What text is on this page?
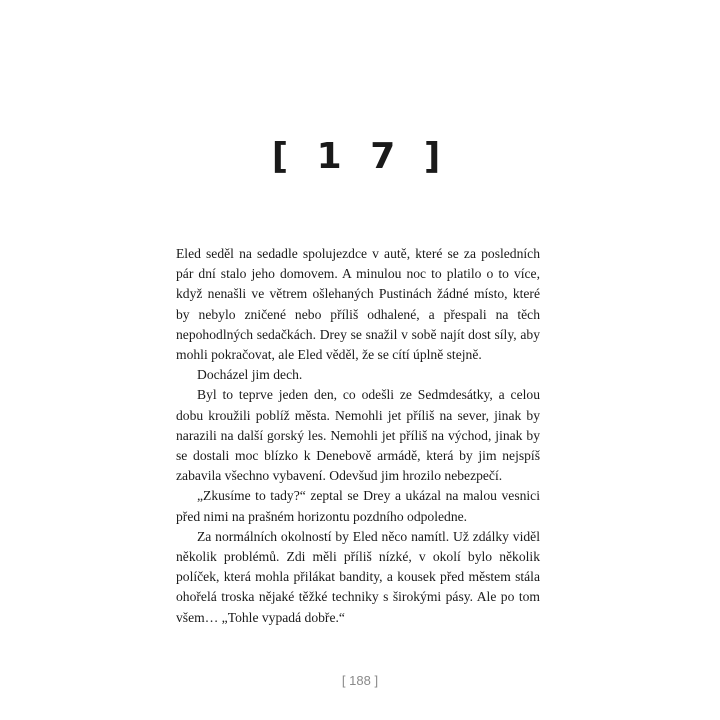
[ 1 7 ]

Eled seděl na sedadle spolujezdce v autě, které se za posledních pár dní stalo jeho domovem. A minulou noc to platilo o to více, když nenašli ve větrem ošlehaných Pustinách žádné místo, které by nebylo zničené nebo příliš odhalené, a přespali na těch nepohodlných sedačkách. Drey se snažil v sobě najít dost síly, aby mohli pokračovat, ale Eled věděl, že se cítí úplně stejně.

Docházel jim dech.

Byl to teprve jeden den, co odešli ze Sedmdesátky, a celou dobu kroužili poblíž města. Nemohli jet příliš na sever, jinak by narazili na další gorský les. Nemohli jet příliš na východ, jinak by se dostali moc blízko k Denebově armádě, která by jim nejspíš zabavila všechno vybavení. Odevšud jim hrozilo nebezpečí.

„Zkusíme to tady?“ zeptal se Drey a ukázal na malou vesnici před nimi na prašném horizontu pozdního odpoledne.

Za normálních okolností by Eled něco namítl. Už zdálky viděl několik problémů. Zdi měli příliš nízké, v okolí bylo několik políček, která mohla přilákat bandity, a kousek před městem stála ohořelá troska nějaké těžké techniky s širokými pásy. Ale po tom všem… „Tohle vypadá dobře.“

[ 188 ]
